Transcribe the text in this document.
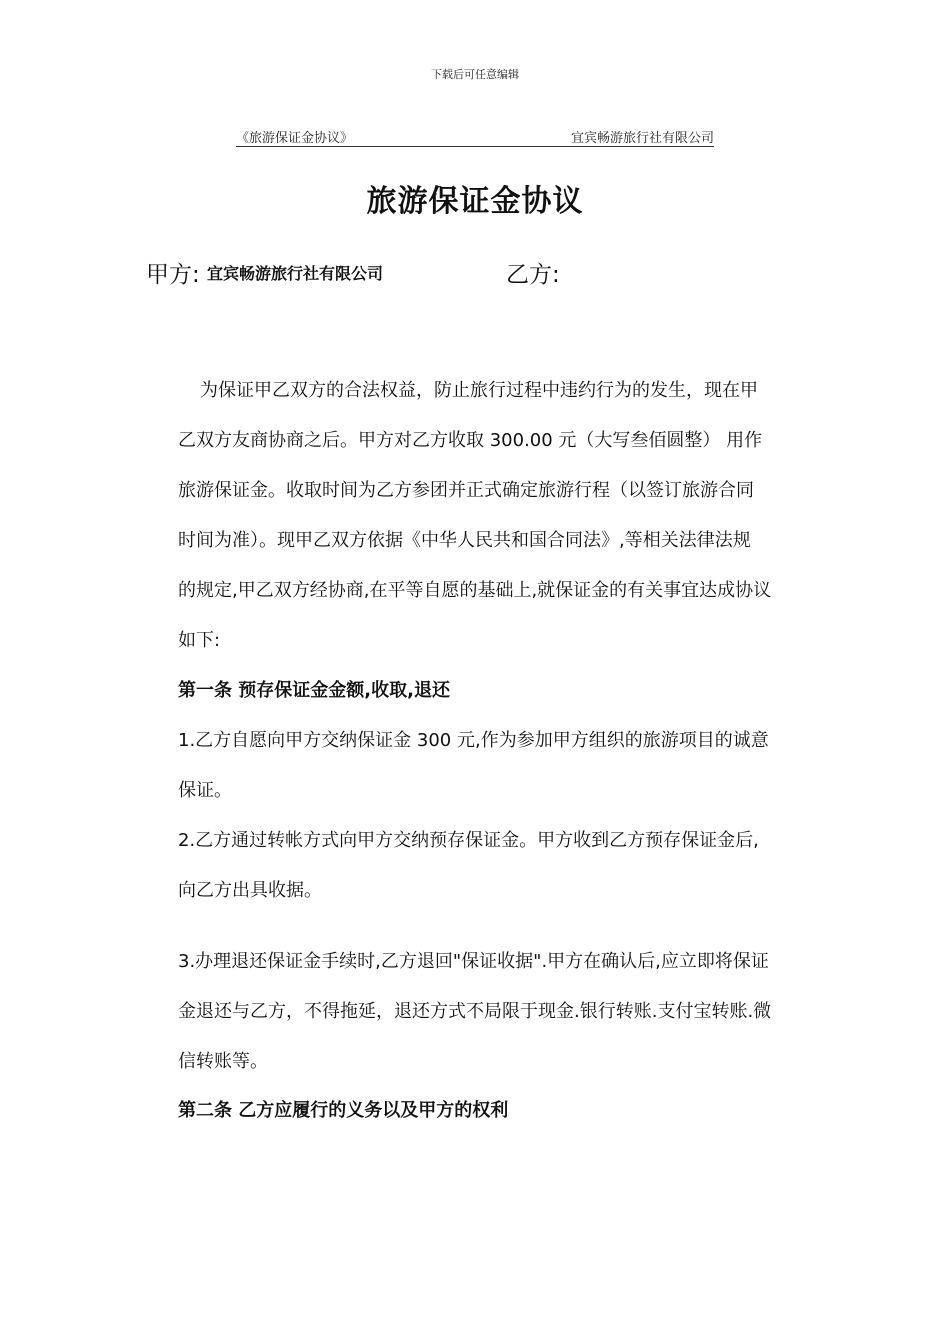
下载后可任意编辑
《旅游保证金协议》	宜宾畅游旅行社有限公司
旅游保证金协议
甲方: 宜宾畅游旅行社有限公司	乙方:
为保证甲乙双方的合法权益，防止旅行过程中违约行为的发生，现在甲
乙双方友商协商之后。甲方对乙方收取 300.00 元（大写叁佰圆整） 用作
旅游保证金。收取时间为乙方参团并正式确定旅游行程（以签订旅游合同
时间为准）。现甲乙双方依据《中华人民共和国合同法》,等相关法律法规
的规定,甲乙双方经协商,在平等自愿的基础上,就保证金的有关事宜达成协议
如下:
第一条 预存保证金金额,收取,退还
1.乙方自愿向甲方交纳保证金 300 元,作为参加甲方组织的旅游项目的诚意
保证。
2.乙方通过转帐方式向甲方交纳预存保证金。甲方收到乙方预存保证金后,
向乙方出具收据。
3.办理退还保证金手续时,乙方退回"保证收据".甲方在确认后,应立即将保证
金退还与乙方，不得拖延，退还方式不局限于现金.银行转账.支付宝转账.微
信转账等。
第二条 乙方应履行的义务以及甲方的权利
